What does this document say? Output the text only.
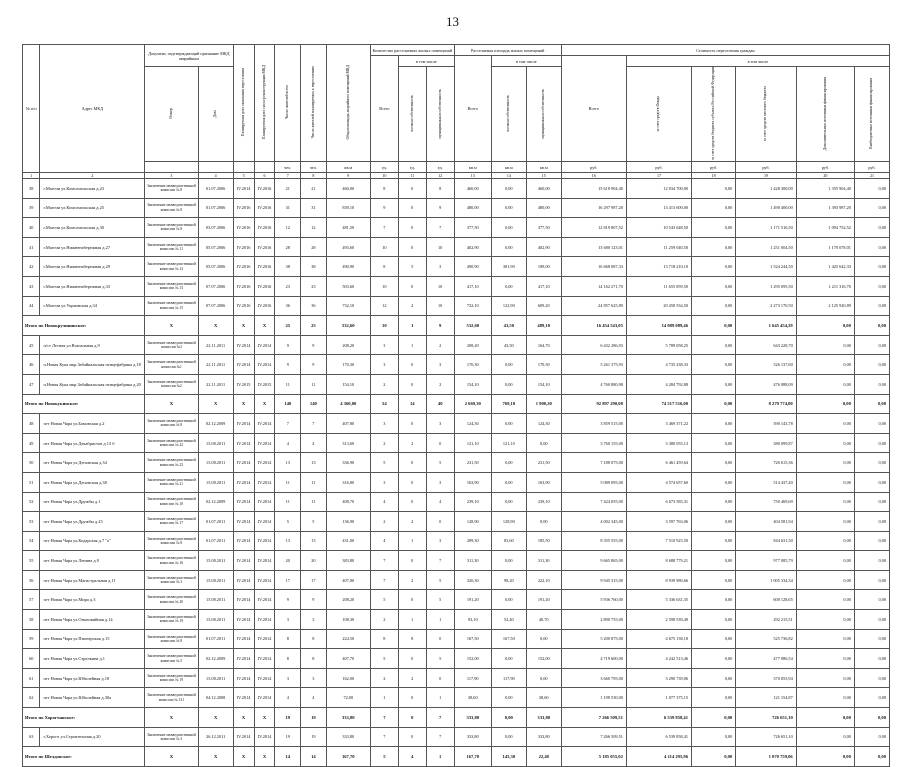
13
№ п/п	Адрес МКД	Документ, подтверждающий признание МКД аварийным		Планируемая дата окончания переселения	Планируемая дата сноса/реконструкции МКД	Число жителей всего	Число жителей планируемых к переселению	Общая площадь аварийного помещений МКД	Количество расселяемых жилых помещений			Расселяемая площадь жилых помещений			Стоимость переселения граждан					
									Всего	в том числе		Всего	в том числе		Всего	в том числе				
		Номер	Дата							частная собственность	муниципальная собственность		частная собственность	муниципальная собственность		за счет средств Фонда	за счет средств бюджета субъекта Российской Федерации	за счет средств местного бюджета	Дополнительные источники финансирования	Внебюджетные источники финансирования
						чел.	чел.	кв.м	ед.	ед.	ед.	кв.м	кв.м	кв.м	руб.	руб.	руб.	руб.	руб.	руб.
1	2	3	4	5	6	7	8	9	10	11	12	13	14	15	16	17	18	19	20	21
38	г.Магочи ул.Комсомольская д.23	Заключение межведомственной комиссии № 8	01.07.2006	IV.2014	IV.2016	21	21	460,00	8	0	8	460,00	0,00	460,00	15 618 904,40	12 834 700,00	0,00	1 428 300,00	1 355 904,40	0,00
39	г.Магочи ул.Комсомольская д.25	Заключение межведомственной комиссии № 8	01.07.2006	IV.2016	IV.2016	31	31	839,10	9	0	9	480,00	0,00	480,00	16 297 987,20	13 413 600,00	0,00	1 490 400,00	1 393 987,20	0,00
40	г.Магочи ул.Комсомольская д.30	Заключение межведомственной комиссии № 8	03.07.2006	IV.2016	IV.2016	12	12	481,50	7	0	7	377,50	0,00	377,50	12 819 807,52	10 543 648,50	0,00	1 171 516,50	1 094 752,52	0,00
41	г.Магочи ул.Нижненабережная д.27	Заключение межведомственной комиссии № 11	05.07.2006	IV.2016	IV.2016	28	28	493,60	10	0	10	402,90	0,00	402,90	13 680 123,01	11 259 040,50	0,00	1 251 004,50	1 170 078,01	0,00
42	г.Магочи ул.Нижненабережная д.29	Заключение межведомственной комиссии № 12	05.07.2006	IV.2016	IV.2016	38	38	490,90	8	5	3	490,90	301,90	189,00	16 668 087,33	13 718 210,10	0,00	1 524 244,50	1 425 642,33	0,00
43	г.Магочи ул.Нижненабережная д.33	Заключение межведомственной комиссии № 13	07.07.2006	IV.2016	IV.2016	23	23	503,60	10	0	10	417,10	0,00	417,10	14 162 271,70	11 655 859,50	0,00	1 295 095,50	1 211 316,70	0,00
44	г.Магочи ул.Украинская д.34	Заключение межведомственной комиссии № 15	07.07.2006	IV.2016	IV.2016	36	36	732,10	12	2	10	732,10	122,90	609,20	24 857 625,89	20 458 534,50	0,00	2 273 170,50	2 125 920,89	0,00
Итого по Новокручининское:		X	X	X	X	25	25	532,60	10	1	9	532,60	43,50	489,10	16 454 543,05	14 089 089,46	0,00	1 645 454,29	0,00	0,00
45	п/ст Лесная ул.Вокзальная д.9	Заключение межведомственной комиссии №3	22.11.2011	IV.2014	IV.2014	9	9	208,20	3	1	2	208,20	43,50	164,70	6 432 286,93	5 789 058,25	0,00	643 228,70	0,00	0,00
46	п.Новая Кука мкр.Забайкальская птицефабрика д.18	Заключение межведомственной комиссии №1	22.11.2011	IV.2014	IV.2014	9	9	170,30	3	0	3	170,30	0,00	170,30	5 261 375,93	4 735 238,33	0,00	526 137,60	0,00	0,00
47	п.Новая Кука мкр.Забайкальская птицефабрика д.20	Заключение межведомственной комиссии №2	22.11.2011	IV.2015	IV.2015	11	11	154,10	2	0	2	154,10	0,00	154,10	4 760 880,98	4 284 792,88	0,00	476 088,09	0,00	0,00
Итого по Новокукинское:		X	X	X	X	140	140	4 360,00	54	14	40	2 669,30	769,10	1 900,20	92 897 290,08	74 517 516,00	0,00	8 279 774,00	0,00	0,00
48	пгт Новая Чара ул.Бамовская д.2	Заключение межведомственной комиссии № 8	02.12.2009	IV.2014	IV.2014	7	7	407,80	3	0	3	124,30	0,00	124,30	3 859 515,00	3 469 371,22	0,00	390 143,78	0,00	0,00
49	пгт Новая Чара ул.Декабристов д.13 б	Заключение межведомственной комиссии № 22	15.08.2011	IV.2014	IV.2014	4	4	313,60	2	2	0	121,10	121,10	0,00	3 760 155,00	3 380 055,13	0,00	380 099,87	0,00	0,00
50	пгт Новая Чара ул.Деповская д.34	Заключение межведомственной комиссии № 23	15.08.2011	IV.2014	IV.2014	13	13	336,90	5	0	5	231,50	0,00	231,50	7 188 075,00	6 461 459,64	0,00	726 615,36	0,00	0,00
51	пгт Новая Чара ул.Деповская д.38	Заключение межведомственной комиссии № 21	15.08.2011	IV.2014	IV.2014	11	11	316,80	3	0	3	163,90	0,00	163,90	5 089 095,00	4 574 657,60	0,00	514 437,40	0,00	0,00
52	пгт Новая Чара ул.Дружбы д.1	Заключение межведомственной комиссии № 10	02.12.2009	IV.2014	IV.2014	11	11	408,70	4	0	4	239,10	0,00	239,10	7 424 055,00	6 673 585,31	0,00	750 469,69	0,00	0,00
53	пгт Новая Чара ул.Дружбы д.25	Заключение межведомственной комиссии № 17	01.07.2011	IV.2014	IV.2014	5	5	136,90	2	2	0	128,90	128,90	0,00	4 002 345,00	3 597 763,06	0,00	404 581,94	0,00	0,00
54	пгт Новая Чара ул.Кодарская д.7 "а"	Заключение межведомственной комиссии № 8	01.07.2011	IV.2014	IV.2014	13	13	431,00	4	1	3	289,30	83,60	185,50	8 355 555,00	7 510 925,50	0,00	844 631,50	0,00	0,00
55	пгт Новая Чара ул.Ленина д.9	Заключение межведомственной комиссии № 16	15.08.2011	IV.2014	IV.2014	20	20	383,80	7	0	7	311,30	0,00	311,30	9 665 865,00	8 688 779,21	0,00	977 085,79	0,00	0,00
56	пгт Новая Чара ул.Магистральная д.11	Заключение межведомственной комиссии № 3	15.08.2011	IV.2014	IV.2014	17	17	407,80	7	2	5	320,30	98,20	222,10	9 945 315,00	8 939 980,66	0,00	1 005 334,34	0,00	0,00
57	пгт Новая Чара ул.Мира д.3	Заключение межведомственной комиссии № 20	15.08.2011	IV.2014	IV.2014	9	9	208,20	5	0	5	191,20	0,00	191,20	5 936 760,00	5 336 631,35	0,00	600 128,65	0,00	0,00
58	пгт Новая Чара ул.Ононовийная д.14	Заключение межведомственной комиссии № 19	15.08.2011	IV.2014	IV.2014	3	3	108,30	2	1	1	93,10	52,40	40,70	2 890 755,00	2 598 539,49	0,00	292 215,51	0,00	0,00
59	пгт Новая Чара ул.Пионерская д.15	Заключение межведомственной комиссии № 8	01.07.2011	IV.2014	IV.2014	8	8	224,50	8	8	0	167,50	167,50	0,00	5 200 875,00	4 675 138,18	0,00	525 736,82	0,00	0,00
60	пгт Новая Чара ул.Стрелкина д.1	Заключение межведомственной комиссии № 5	02.12.2009	IV.2014	IV.2014	8	8	407,70	5	0	5	152,00	0,00	152,00	4 719 600,00	4 242 513,46	0,00	477 086,54	0,00	0,00
61	пгт Новая Чара ул.Юбилейная д.18	Заключение межведомственной комиссии № 19	15.08.2011	IV.2014	IV.2014	3	3	162,00	2	2	0	117,90	117,90	0,00	3 660 795,00	3 290 739,06	0,00	370 055,94	0,00	0,00
62	пгт Новая Чара ул.Юбилейная д.30а	Заключение межведомственной комиссии № 131	04.12.2008	IV.2014	IV.2014	4	4	72,00	1	0	1	38,60	0,00	38,60	1 198 530,00	1 077 375,15	0,00	121 154,87	0,00	0,00
Итого по Хорогчанское:		X	X	X	X	19	19	333,80	7	0	7	333,80	0,00	333,80	7 266 509,51	6 539 858,41	0,00	726 651,10	0,00	0,00
63	г.Хорогч ул.Строительная д.20	Заключение межведомственной комиссии № 3	26.12.2011	IV.2014	IV.2014	19	19	333,80	7	0	7	333,80	0,00	333,80	7 266 509,51	6 539 858,41	0,00	726 651,10	0,00	0,00
Итого по Шелдовское:		X	X	X	X	14	14	167,70	5	4	1	167,70	145,30	22,40	5 185 055,02	4 114 295,96	0,00	1 070 759,06	0,00	0,00
